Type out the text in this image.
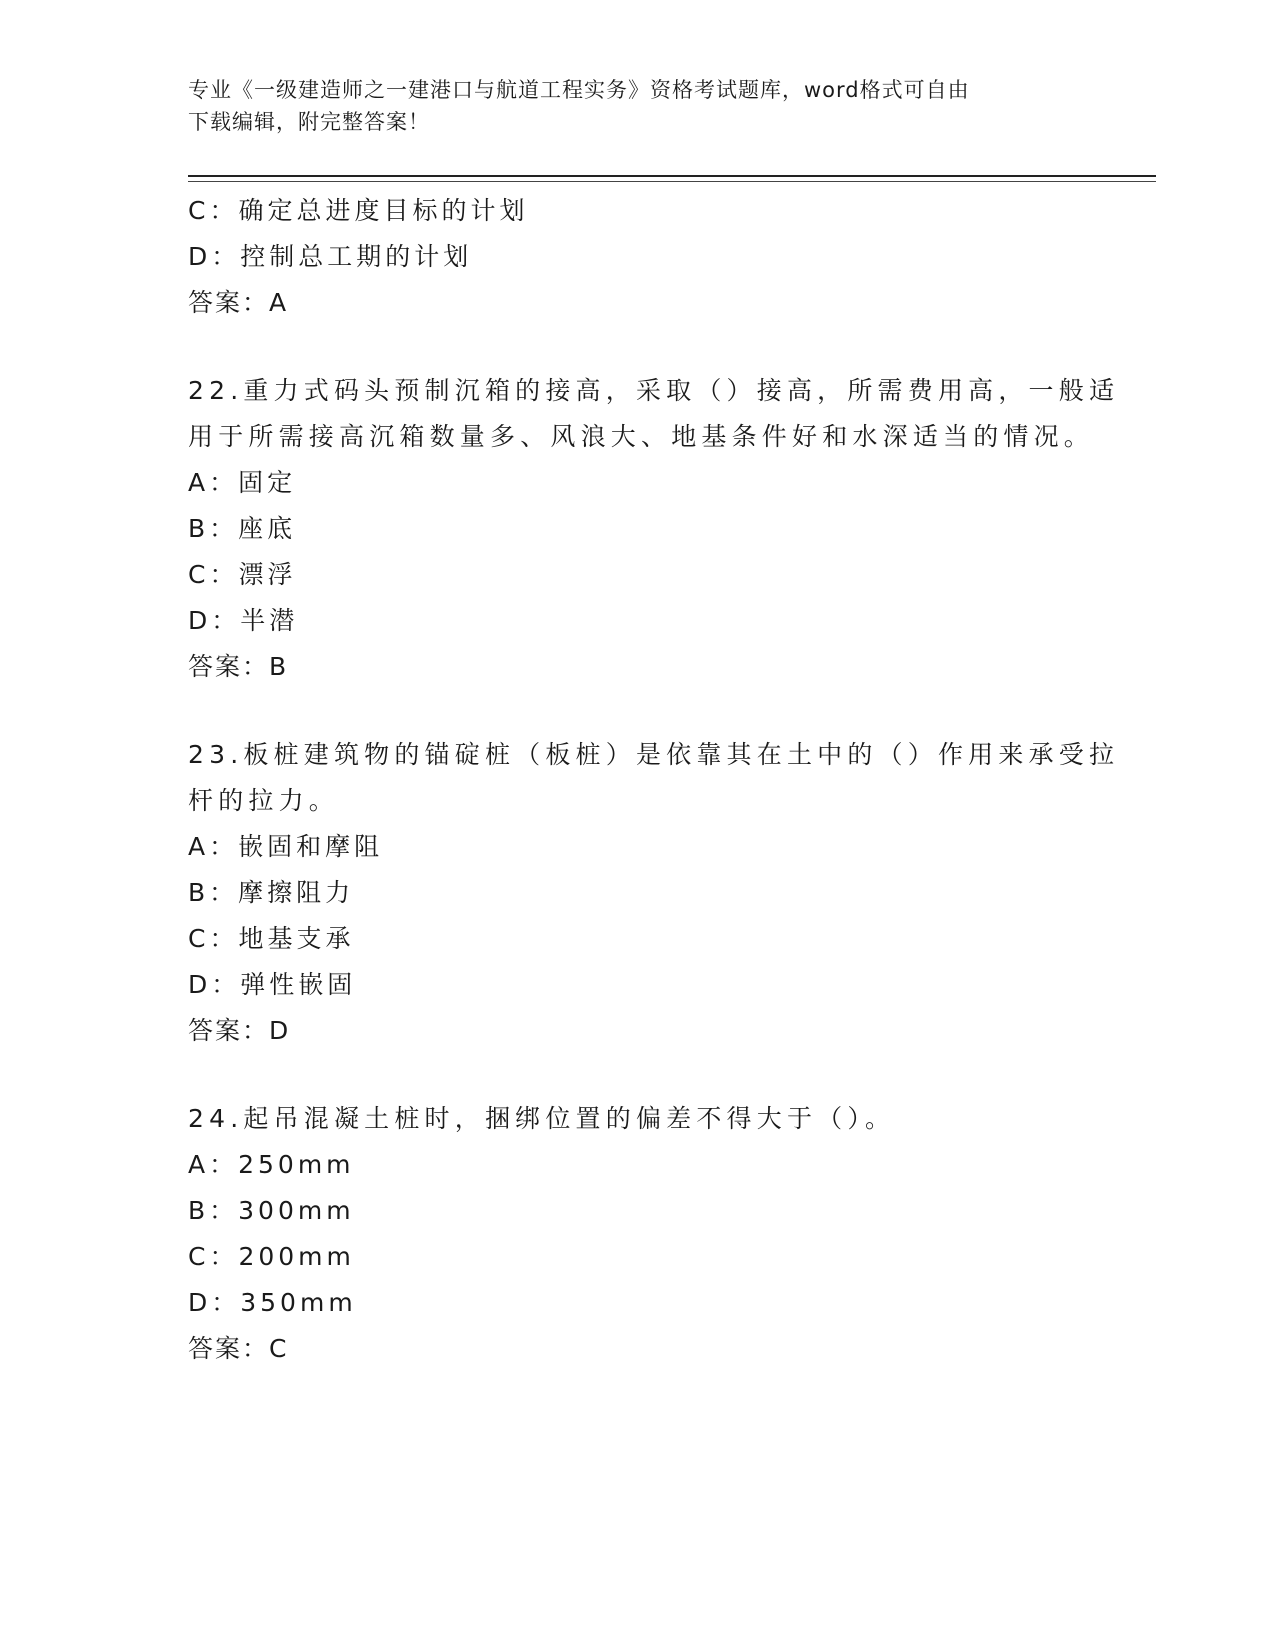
专业《一级建造师之一建港口与航道工程实务》资格考试题库，word格式可自由
下载编辑，附完整答案！
C：确定总进度目标的计划
D：控制总工期的计划
答案：A
22.重力式码头预制沉箱的接高，采取（）接高，所需费用高，一般适
用于所需接高沉箱数量多、风浪大、地基条件好和水深适当的情况。
A：固定
B：座底
C：漂浮
D：半潜
答案：B
23.板桩建筑物的锚碇桩（板桩）是依靠其在土中的（）作用来承受拉
杆的拉力。
A：嵌固和摩阻
B：摩擦阻力
C：地基支承
D：弹性嵌固
答案：D
24.起吊混凝土桩时，捆绑位置的偏差不得大于（）。
A：250mm
B：300mm
C：200mm
D：350mm
答案：C
